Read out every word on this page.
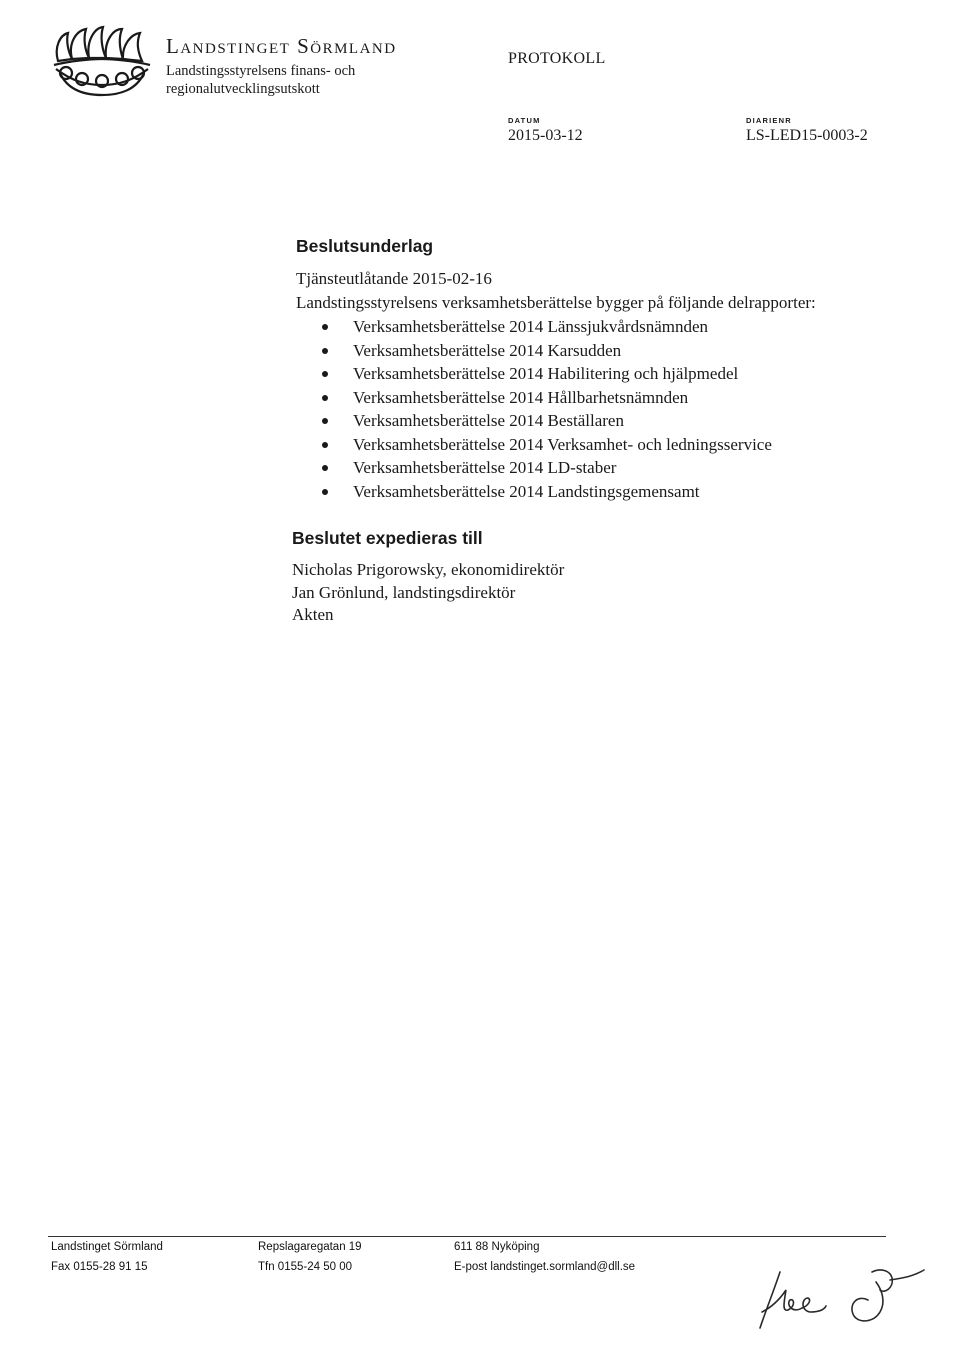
Landstinget Sörmland
Landstingsstyrelsens finans- och
regionalutvecklingsutskott
PROTOKOLL
DATUM
2015-03-12
DIARIENR
LS-LED15-0003-2
Beslutsunderlag
Tjänsteutlåtande 2015-02-16
Landstingsstyrelsens verksamhetsberättelse bygger på följande delrapporter:
Verksamhetsberättelse 2014 Länssjukvårdsnämnden
Verksamhetsberättelse 2014 Karsudden
Verksamhetsberättelse 2014 Habilitering och hjälpmedel
Verksamhetsberättelse 2014 Hållbarhetsnämnden
Verksamhetsberättelse 2014 Beställaren
Verksamhetsberättelse 2014 Verksamhet- och ledningsservice
Verksamhetsberättelse 2014 LD-staber
Verksamhetsberättelse 2014 Landstingsgemensamt
Beslutet expedieras till
Nicholas Prigorowsky, ekonomidirektör
Jan Grönlund, landstingsdirektör
Akten
Landstinget Sörmland
Fax 0155-28 91 15
Repslagaregatan 19
Tfn 0155-24 50 00
611 88 Nyköping
E-post landstinget.sormland@dll.se
